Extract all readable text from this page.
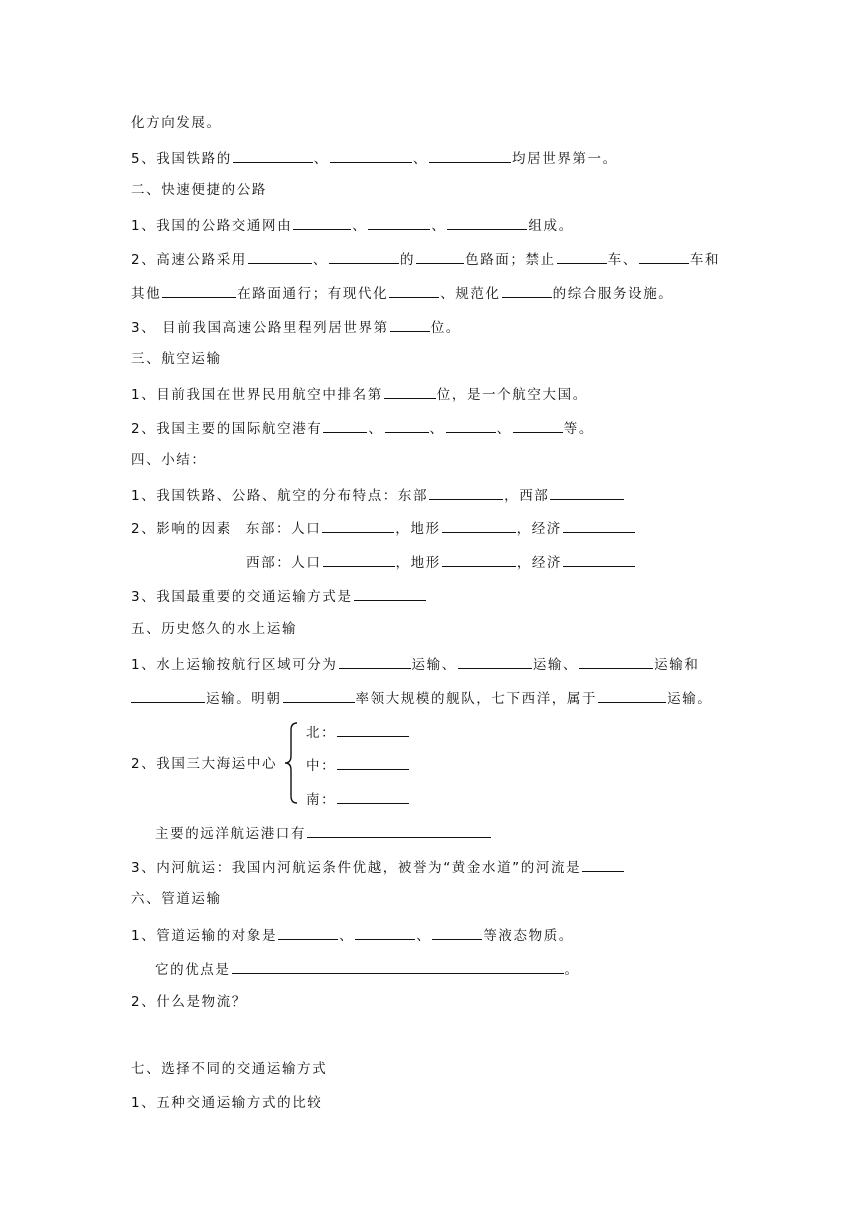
化方向发展。
5、我国铁路的	、	、	均居世界第一。
二、快速便捷的公路
1、我国的公路交通网由	、	、	组成。
2、高速公路采用	、	的	色路面；禁止	车、	车和
其他	在路面通行；有现代化	、规范化	的综合服务设施。
3、 目前我国高速公路里程列居世界第	位。
三、航空运输
1、目前我国在世界民用航空中排名第	位，是一个航空大国。
2、我国主要的国际航空港有	、	、	、	等。
四、小结：
1、我国铁路、公路、航空的分布特点：东部	，西部
2、影响的因素 东部：人口	，地形	，经济
西部：人口	，地形	，经济
3、我国最重要的交通运输方式是
五、历史悠久的水上运输
1、水上运输按航行区域可分为	运输、	运输、	运输和
运输。明朝	率领大规模的舰队，七下西洋，属于	运输。
2、我国三大海运中心
北：
中：
南：
主要的远洋航运港口有
3、内河航运：我国内河航运条件优越，被誉为“黄金水道”的河流是
六、管道运输
1、管道运输的对象是	、	、	等液态物质。
它的优点是	。
2、什么是物流？
七、选择不同的交通运输方式
1、五种交通运输方式的比较
